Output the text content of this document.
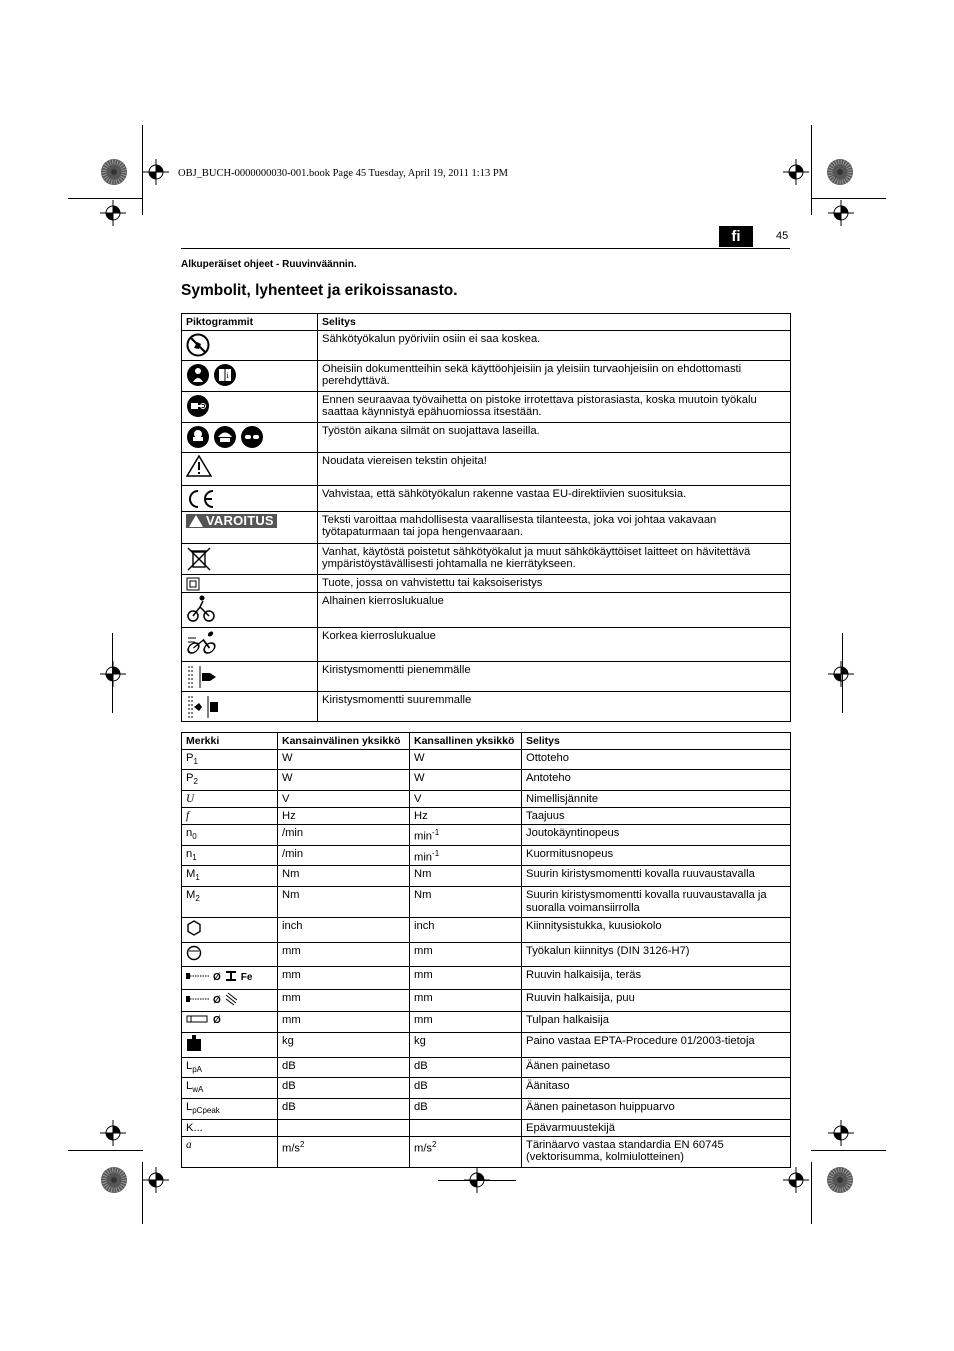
OBJ_BUCH-0000000030-001.book Page 45 Tuesday, April 19, 2011 1:13 PM
fi	45
Alkuperäiset ohjeet - Ruuvinväännin.
Symbolit, lyhenteet ja erikoissanasto.
Piktogrammit	Selitys
	Sähkötyökalun pyöriviin osiin ei saa koskea.

i	Oheisiin dokumentteihin sekä käyttöohjeisiin ja yleisiin turvaohjeisiin on ehdottomasti perehdyttävä.
	Ennen seuraavaa työvaihetta on pistoke irrotettava pistorasiasta, koska muutoin työkalu saattaa käynnistyä epähuomiossa itsestään.
	Työstön aikana silmät on suojattava laseilla.
	Noudata viereisen tekstin ohjeita!
	Vahvistaa, että sähkötyökalun rakenne vastaa EU-direktiivien suosituksia.

VAROITUS	Teksti varoittaa mahdollisesta vaarallisesta tilanteesta, joka voi johtaa vakavaan työtapaturmaan tai jopa hengenvaaraan.
	Vanhat, käytöstä poistetut sähkötyökalut ja muut sähkökäyttöiset laitteet on hävitettävä ympäristöystävällisesti johtamalla ne kierrätykseen.
	Tuote, jossa on vahvistettu tai kaksoiseristys
	Alhainen kierroslukualue
	Korkea kierroslukualue
	Kiristysmomentti pienemmälle
	Kiristysmomentti suuremmalle
Merkki	Kansainvälinen yksikkö	Kansallinen yksikkö	Selitys
$P_1$	W	W	Ottoteho
$P_2$	W	W	Antoteho
U	V	V	Nimellisjännite
f	Hz	Hz	Taajuus
$n_0$	/min	$\min^{-1}$	Joutokäyntinopeus
$n_1$	/min	$\min^{-1}$	Kuormitusnopeus
$M_1$	Nm	Nm	Suurin kiristysmomentti kovalla ruuvaustavalla
$M_2$	Nm	Nm	Suurin kiristysmomentti kovalla ruuvaustavalla ja suoralla voimansiirrolla

	inch	inch	Kiinnitysistukka, kuusiokolo

	mm	mm	Työkalun kiinnitys (DIN 3126-H7)

Ø Fe	mm	mm	Ruuvin halkaisija, teräs

Ø	mm	mm	Ruuvin halkaisija, puu

Ø	mm	mm	Tulpan halkaisija

	kg	kg	Paino vastaa EPTA-Procedure 01/2003-tietoja
$L_{pA}$	dB	dB	Äänen painetaso
$L_{wA}$	dB	dB	Äänitaso
$L_{pCpeak}$	dB	dB	Äänen painetason huippuarvo
K...			Epävarmuustekijä
a	$m/s^2$	$m/s^2$	Tärinäarvo vastaa standardia EN 60745 (vektorisumma, kolmiulotteinen)
